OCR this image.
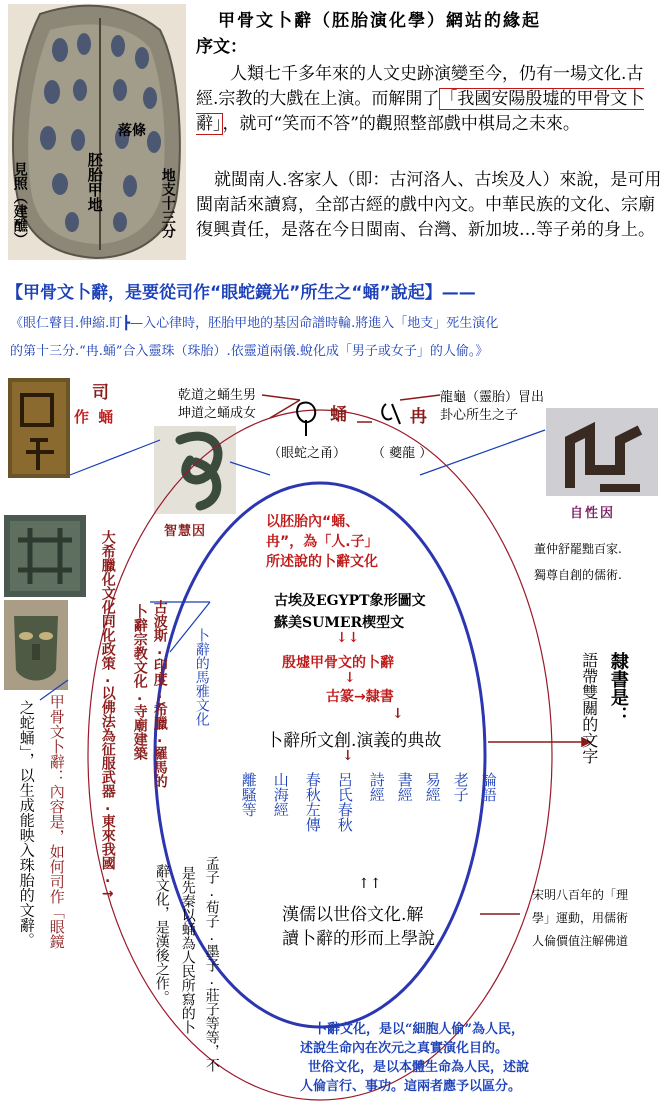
甲骨文卜辭（胚胎演化學）網站的緣起
序文：
人類七千多年來的人文史跡演變至今，仍有一場文化.古經.宗教的大戲在上演。而解開了「我國安陽殷墟的甲骨文卜辭」，就可“笑而不答”的觀照整部戲中棋局之未來。
就閩南人.客家人（即：古河洛人、古埃及人）來說，是可用閩南話來讀寫，全部古經的戲中內文。中華民族的文化、宗廟復興責任，是落在今日閩南、台灣、新加坡…等子弟的身上。
見照（建醮）	胚胎甲地
落條
地支十三分
【甲骨文卜辭，是要從司作“眼蛇鏡光”所生之“蛹”說起】——
《眼仁瞽目.伸縮.盯┣—入心律時，胚胎甲地的基因命譜時輪.將進入「地支」死生演化
的第十三分.“冉.蛹”合入靈珠（珠胎）.依靈道兩儀.蛻化成「男子或女子」的人偷。》
司
作 蛹
乾道之蛹生男
坤道之蛹成女	蛹	冉
（眼蛇之甬） （ 夔龍 ）
龍龜（靈胎）冒出
卦心所生之子
智慧因
自性因
董仲舒罷黜百家.
獨尊自創的儒術.
以胚胎內“蛹、
冉”，為「人.子」
所述說的卜辭文化
古埃及EGYPT象形圖文
蘇美SUMER楔型文
↓↓
殷墟甲骨文的卜辭
↓
古篆→隸書
↓
卜辭所文創.演義的典故
↓
離騷等 山海經 春秋左傳 呂氏春秋 詩經 書經 易經 老子 論語
↑↑
漢儒以世俗文化.解
讀卜辭的形而上學說
卜辭的馬雅文化
古波斯.印度.希臘.羅馬的
卜辭宗教文化.寺廟建築
大希臘化文化同化政策.以佛法為征服武器.東來我國.→
甲骨文卜辭：內容是，如何司作「眼鏡
之蛇蛹」，以生成能映入珠胎的文辭。
孟子.荀子.墨子.莊子等等，不
是先秦以蛹為人民所寫的卜
辭文化，是漢後之作。
隸書是：
語帶雙關的文字
宋明八百年的「理
學」運動，用儒術
人倫價值注解佛道
卜辭文化，是以“細胞人偷”為人民，
述說生命內在次元之真實演化目的。
世俗文化，是以本體生命為人民，述說
人倫言行、事功。這兩者應予以區分。
